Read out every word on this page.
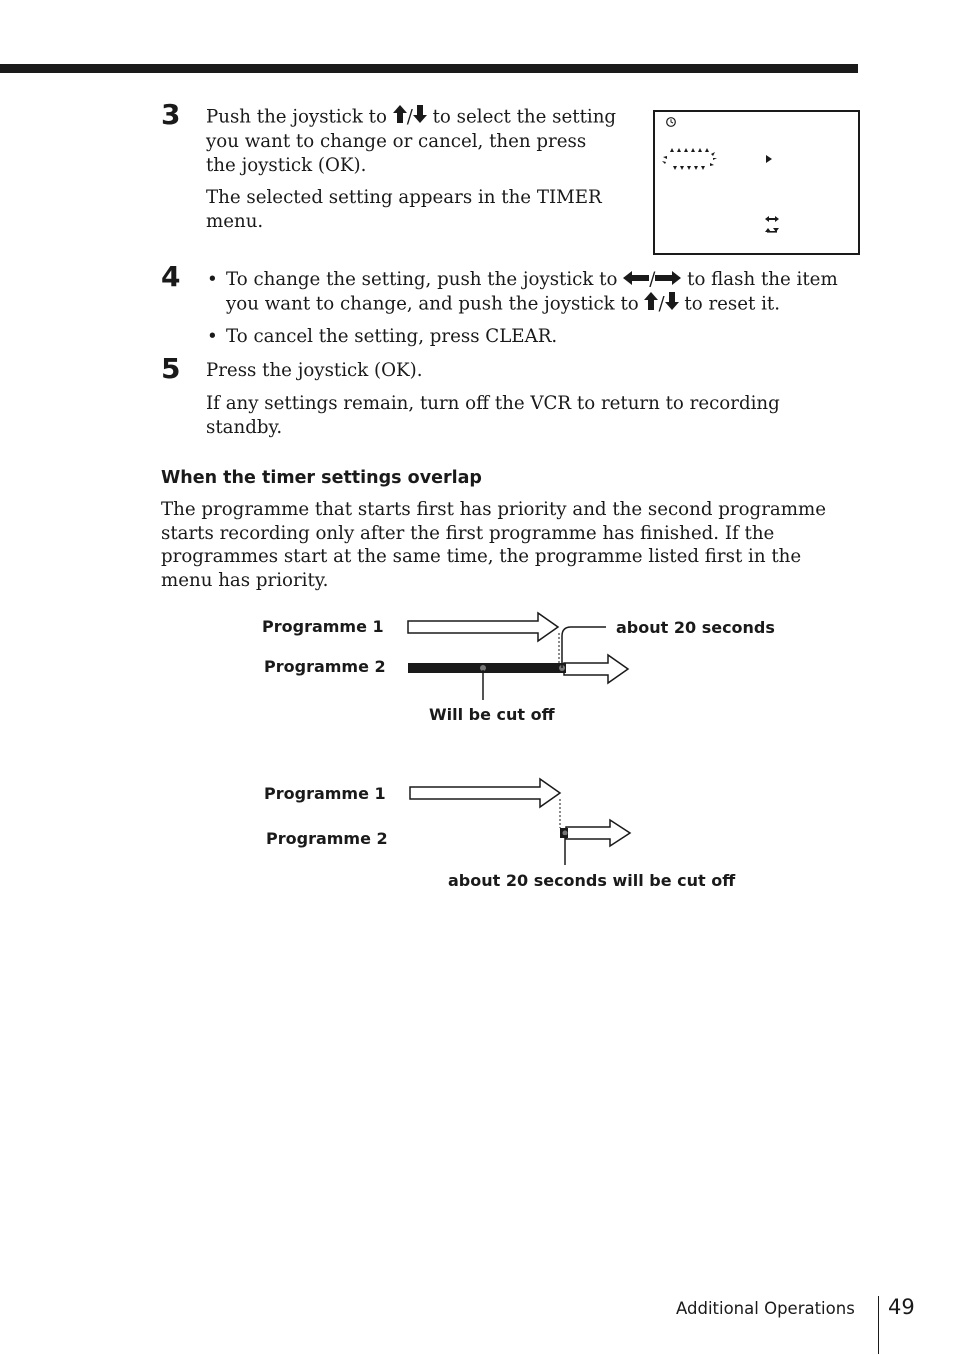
3 Push the joystick to / to select the setting you want to change or cancel, then press the joystick (OK).

The selected setting appears in the TIMER menu.

4 • To change the setting, push the joystick to / to flash the item you want to change, and push the joystick to / to reset it.

• To cancel the setting, press CLEAR.

5 Press the joystick (OK).

If any settings remain, turn off the VCR to return to recording standby.

When the timer settings overlap

The programme that starts first has priority and the second programme starts recording only after the first programme has finished. If the programmes start at the same time, the programme listed first in the menu has priority.

Programme 1
Programme 2
about 20 seconds
Will be cut off
Programme 1
Programme 2
about 20 seconds will be cut off
Additional Operations 49
